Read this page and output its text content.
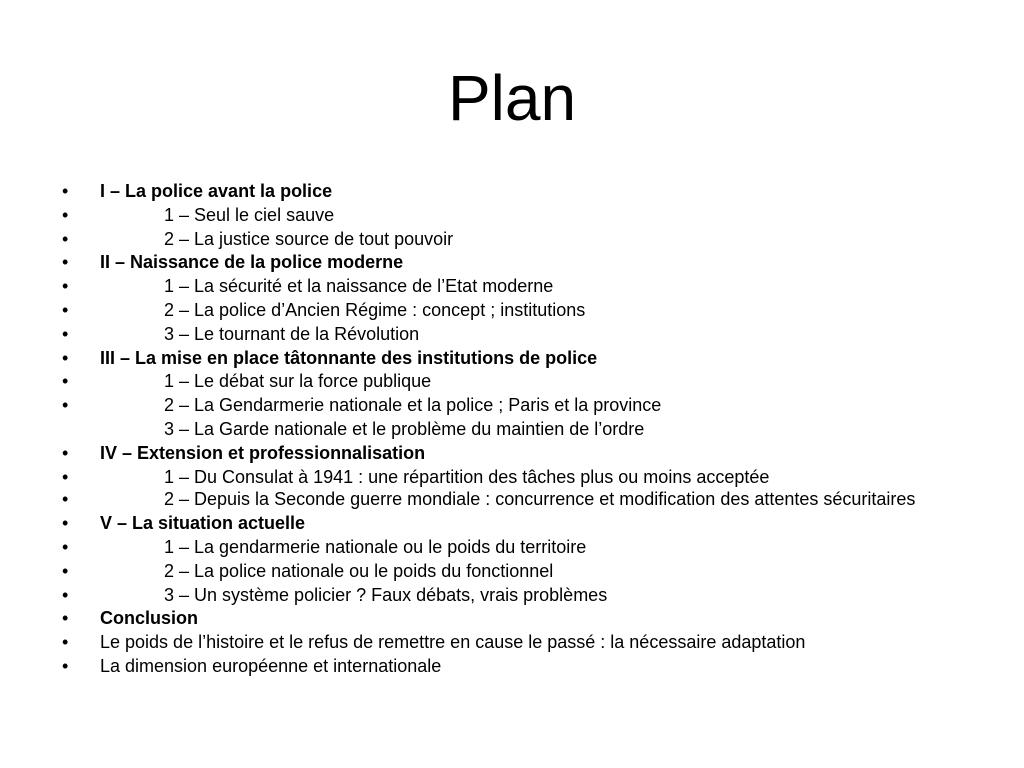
Plan
•	I – La police avant la police
•	1 – Seul le ciel sauve
•	2 – La justice source de tout pouvoir
•	II – Naissance de la police moderne
•	1 – La sécurité et la naissance de l’Etat moderne
•	2 – La police d’Ancien Régime : concept ; institutions
•	3 – Le tournant de la Révolution
•	III – La mise en place tâtonnante des institutions de police
•	1 – Le débat sur la force publique
•	2 – La Gendarmerie nationale et la police ; Paris et la province
3 – La Garde nationale et le problème du maintien de l’ordre
•	IV – Extension et professionnalisation
•	1 – Du Consulat à 1941 : une répartition des tâches plus ou moins acceptée
•	2 – Depuis la Seconde guerre mondiale : concurrence et modification des attentes sécuritaires
•	V – La situation actuelle
•	1 – La gendarmerie nationale ou le poids du territoire
•	2 – La police nationale ou le poids du fonctionnel
•	3 – Un système policier ? Faux débats, vrais problèmes
•	Conclusion
•	Le poids de l’histoire et le refus de remettre en cause le passé : la nécessaire adaptation
•	La dimension européenne et internationale
